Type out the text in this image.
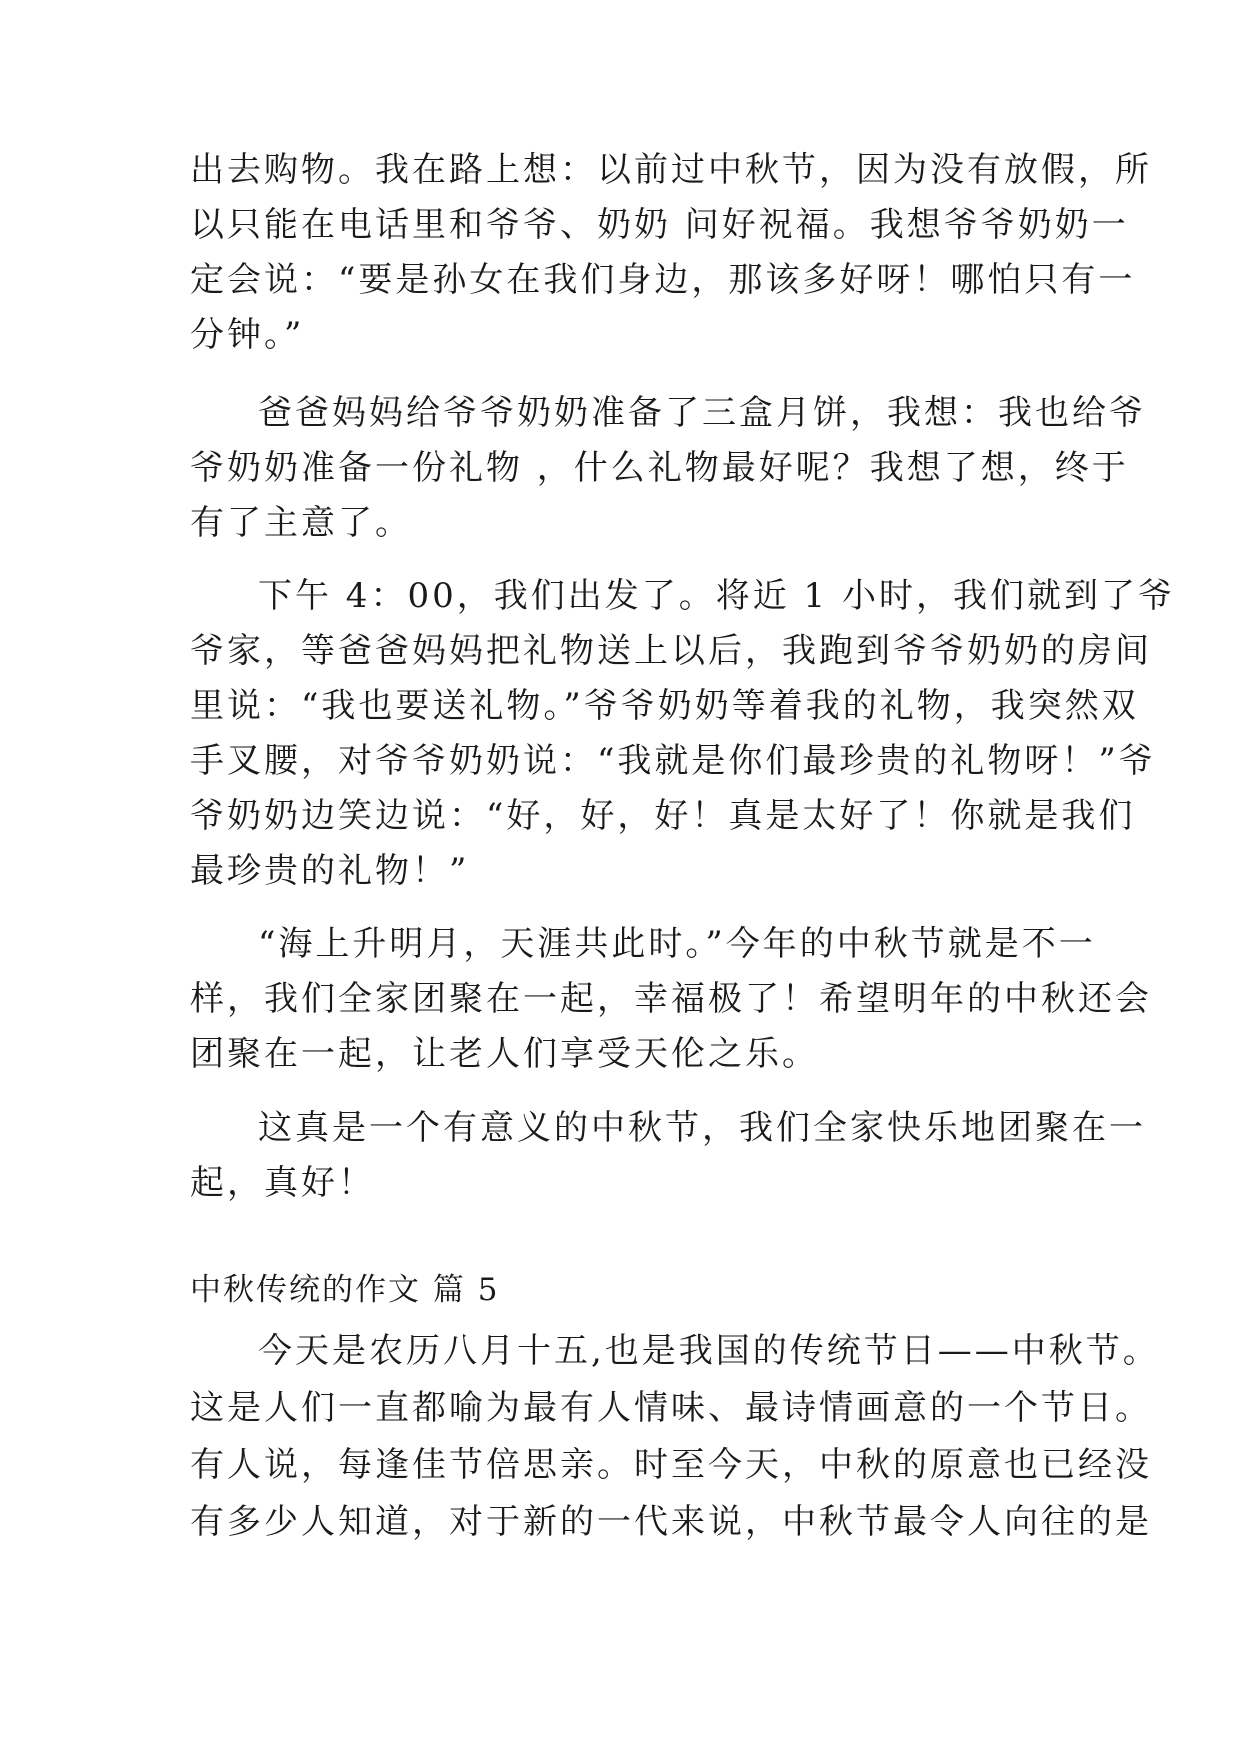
出去购物。我在路上想：以前过中秋节，因为没有放假，所
以只能在电话里和爷爷、奶奶 问好祝福。我想爷爷奶奶一
定会说：“要是孙女在我们身边，那该多好呀！哪怕只有一
分钟。”
爸爸妈妈给爷爷奶奶准备了三盒月饼，我想：我也给爷
爷奶奶准备一份礼物 ，什么礼物最好呢？我想了想，终于
有了主意了。
下午 4：00，我们出发了。将近 1 小时，我们就到了爷
爷家，等爸爸妈妈把礼物送上以后，我跑到爷爷奶奶的房间
里说：“我也要送礼物。”爷爷奶奶等着我的礼物，我突然双
手叉腰，对爷爷奶奶说：“我就是你们最珍贵的礼物呀！”爷
爷奶奶边笑边说：“好，好，好！真是太好了！你就是我们
最珍贵的礼物！”
“海上升明月，天涯共此时。”今年的中秋节就是不一
样，我们全家团聚在一起，幸福极了！希望明年的中秋还会
团聚在一起，让老人们享受天伦之乐。
这真是一个有意义的中秋节，我们全家快乐地团聚在一
起，真好！
中秋传统的作文 篇 5
今天是农历八月十五,也是我国的传统节日——中秋节。
这是人们一直都喻为最有人情味、最诗情画意的一个节日。
有人说，每逢佳节倍思亲。时至今天，中秋的原意也已经没
有多少人知道，对于新的一代来说，中秋节最令人向往的是
